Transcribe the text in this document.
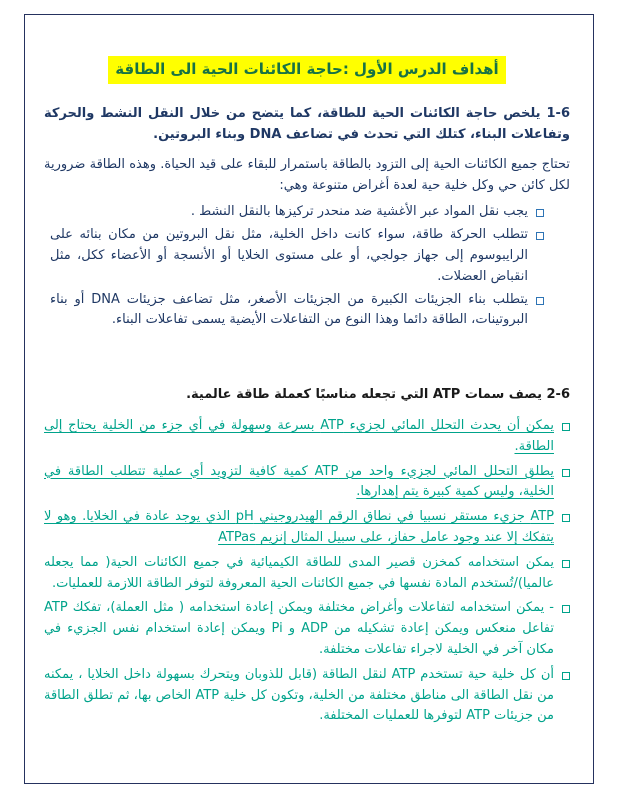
أهداف الدرس الأول :حاجة الكائنات الحية الى الطاقة

1-6 يلخص حاجة الكائنات الحية للطاقة، كما يتضح من خلال النقل النشط والحركة وتفاعلات البناء، كتلك التي تحدث في تضاعف DNA وبناء البروتين.

تحتاج جميع الكائنات الحية إلى التزود بالطاقة باستمرار للبقاء على قيد الحياة. وهذه الطاقة ضرورية لكل كائن حي وكل خلية حية لعدة أغراض متنوعة وهي:

يجب نقل المواد عبر الأغشية ضد منحدر تركيزها بالنقل النشط .

تتطلب الحركة طاقة، سواء كانت داخل الخلية، مثل نقل البروتين من مكان بنائه على الرايبوسوم إلى جهاز جولجي، أو على مستوى الخلايا أو الأنسجة أو الأعضاء ككل، مثل انقباض العضلات.

يتطلب بناء الجزيئات الكبيرة من الجزيئات الأصغر، مثل تضاعف جزيئات DNA أو بناء البروتينات، الطاقة دائما وهذا النوع من التفاعلات الأيضية يسمى تفاعلات البناء.

2-6 يصف سمات ATP التي تجعله مناسبًا كعملة طاقة عالمية.

يمكن أن يحدث التحلل المائي لجزيء ATP بسرعة وسهولة في أي جزء من الخلية يحتاج إلى الطاقة.

يطلق التحلل المائي لجزيء واحد من ATP كمية كافية لتزويد أي عملية تتطلب الطاقة في الخلية، وليس كمية كبيرة يتم إهدارها.

ATP جزيء مستقر نسبيا في نطاق الرقم الهيدروجيني pH الذي يوجد عادة في الخلايا. وهو لا يتفكك إلا عند وجود عامل حفاز، على سبيل المثال إنزيم ATPas

يمكن استخدامه كمخزن قصير المدى للطاقة الكيميائية في جميع الكائنات الحية( مما يجعله عالميا)/تُستخدم المادة نفسها في جميع الكائنات الحية المعروفة لتوفر الطاقة اللازمة للعمليات.

- يمكن استخدامه لتفاعلات وأغراض مختلفة ويمكن إعادة استخدامه ( مثل العملة)، تفكك ATP تفاعل منعكس ويمكن إعادة تشكيله من ADP و Pi ويمكن إعادة استخدام نفس الجزيء في مكان آخر في الخلية لاجراء تفاعلات مختلفة.

أن كل خلية حية تستخدم ATP لنقل الطاقة (قابل للذوبان ويتحرك بسهولة داخل الخلايا ، يمكنه من نقل الطاقة الى مناطق مختلفة من الخلية، وتكون كل خلية ATP الخاص بها، ثم تطلق الطاقة من جزيئات ATP لتوفرها للعمليات المختلفة.
